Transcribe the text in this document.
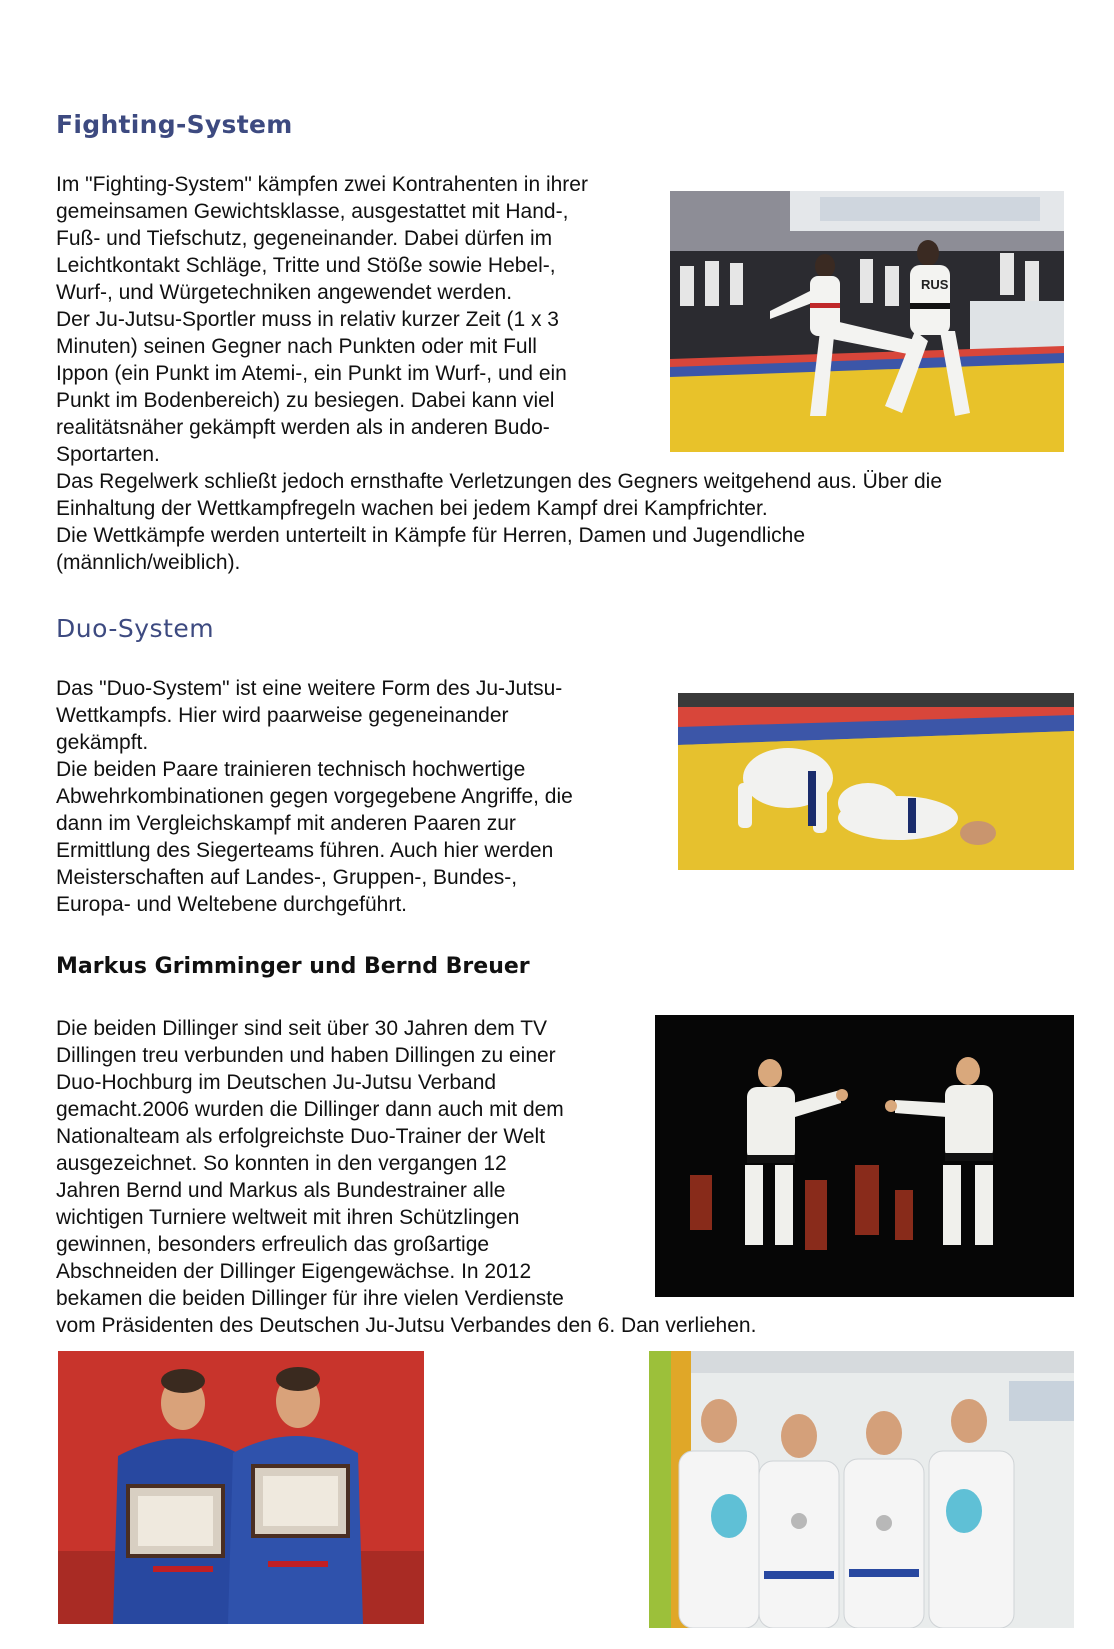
Fighting-System
Im "Fighting-System" kämpfen zwei Kontrahenten in ihrer
gemeinsamen Gewichtsklasse, ausgestattet mit Hand-,
Fuß- und Tiefschutz, gegeneinander. Dabei dürfen im
Leichtkontakt Schläge, Tritte und Stöße sowie Hebel-,
Wurf-, und Würgetechniken angewendet werden.
Der Ju-Jutsu-Sportler muss in relativ kurzer Zeit (1 x 3
Minuten) seinen Gegner nach Punkten oder mit Full
Ippon (ein Punkt im Atemi-, ein Punkt im Wurf-, und ein
Punkt im Bodenbereich) zu besiegen. Dabei kann viel
realitätsnäher gekämpft werden als in anderen Budo-
Sportarten.
Das Regelwerk schließt jedoch ernsthafte Verletzungen des Gegners weitgehend aus. Über die
Einhaltung der Wettkampfregeln wachen bei jedem Kampf drei Kampfrichter.
Die Wettkämpfe werden unterteilt in Kämpfe für Herren, Damen und Jugendliche
(männlich/weiblich).
RUS
Duo-System
Das "Duo-System" ist eine weitere Form des Ju-Jutsu-
Wettkampfs. Hier wird paarweise gegeneinander
gekämpft.
Die beiden Paare trainieren technisch hochwertige
Abwehrkombinationen gegen vorgegebene Angriffe, die
dann im Vergleichskampf mit anderen Paaren zur
Ermittlung des Siegerteams führen. Auch hier werden
Meisterschaften auf Landes-, Gruppen-, Bundes-,
Europa- und Weltebene durchgeführt.
Markus Grimminger und Bernd Breuer
Die beiden Dillinger sind seit über 30 Jahren dem TV
Dillingen treu verbunden und haben Dillingen zu einer
Duo-Hochburg im Deutschen Ju-Jutsu Verband
gemacht.2006 wurden die Dillinger dann auch mit dem
Nationalteam als erfolgreichste Duo-Trainer der Welt
ausgezeichnet. So konnten in den vergangen 12
Jahren Bernd und Markus als Bundestrainer alle
wichtigen Turniere weltweit mit ihren Schützlingen
gewinnen, besonders erfreulich das großartige
Abschneiden der Dillinger Eigengewächse. In 2012
bekamen die beiden Dillinger für ihre vielen Verdienste
vom Präsidenten des Deutschen Ju-Jutsu Verbandes den 6. Dan verliehen.
